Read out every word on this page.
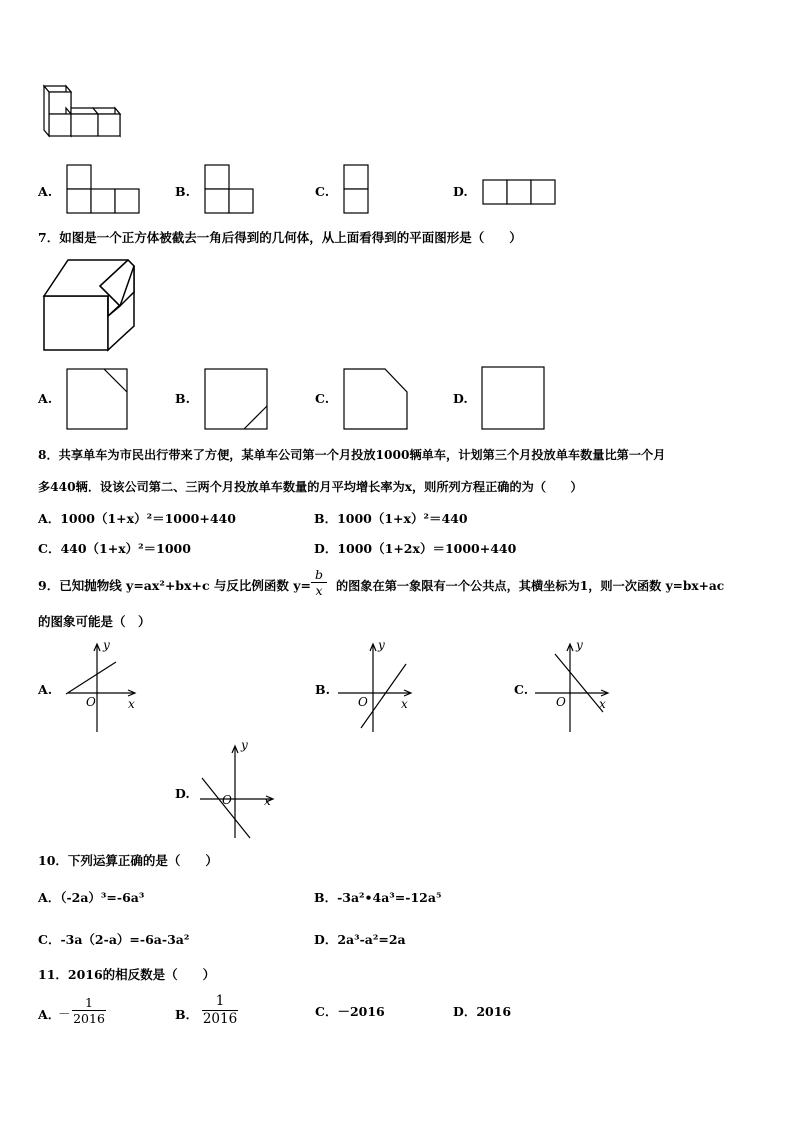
A.	B.	C.	D.
7．如图是一个正方体被截去一角后得到的几何体，从上面看得到的平面图形是（　　）
A.	B.	C.	D.
8．共享单车为市民出行带来了方便，某单车公司第一个月投放1000辆单车，计划第三个月投放单车数量比第一个月
多440辆．设该公司第二、三两个月投放单车数量的月平均增长率为x，则所列方程正确的为（　　）
A．1000（1+x）²＝1000+440	B．1000（1+x）²＝440
C．440（1+x）²＝1000	D．1000（1+2x）＝1000+440
9．已知抛物线 y=ax²+bx+c 与反比例函数 $y= \frac{b}{x}$ 的图象在第一象限有一个公共点，其横坐标为1，则一次函数 y=bx+ac
的图象可能是（　）
A.
y
x
O
B.
y
x
O
C.
y
x
O
D.
y
x
O
10．下列运算正确的是（　　）
A．（-2a）³=-6a³	B．-3a²•4a³=-12a⁵
C．-3a（2-a）=-6a-3a²	D．2a³-a²=2a
11．2016的相反数是（　　）
A．
－ $\frac{1}{2016}$	B． $\frac{1}{2016}$	C．－2016	D．2016
